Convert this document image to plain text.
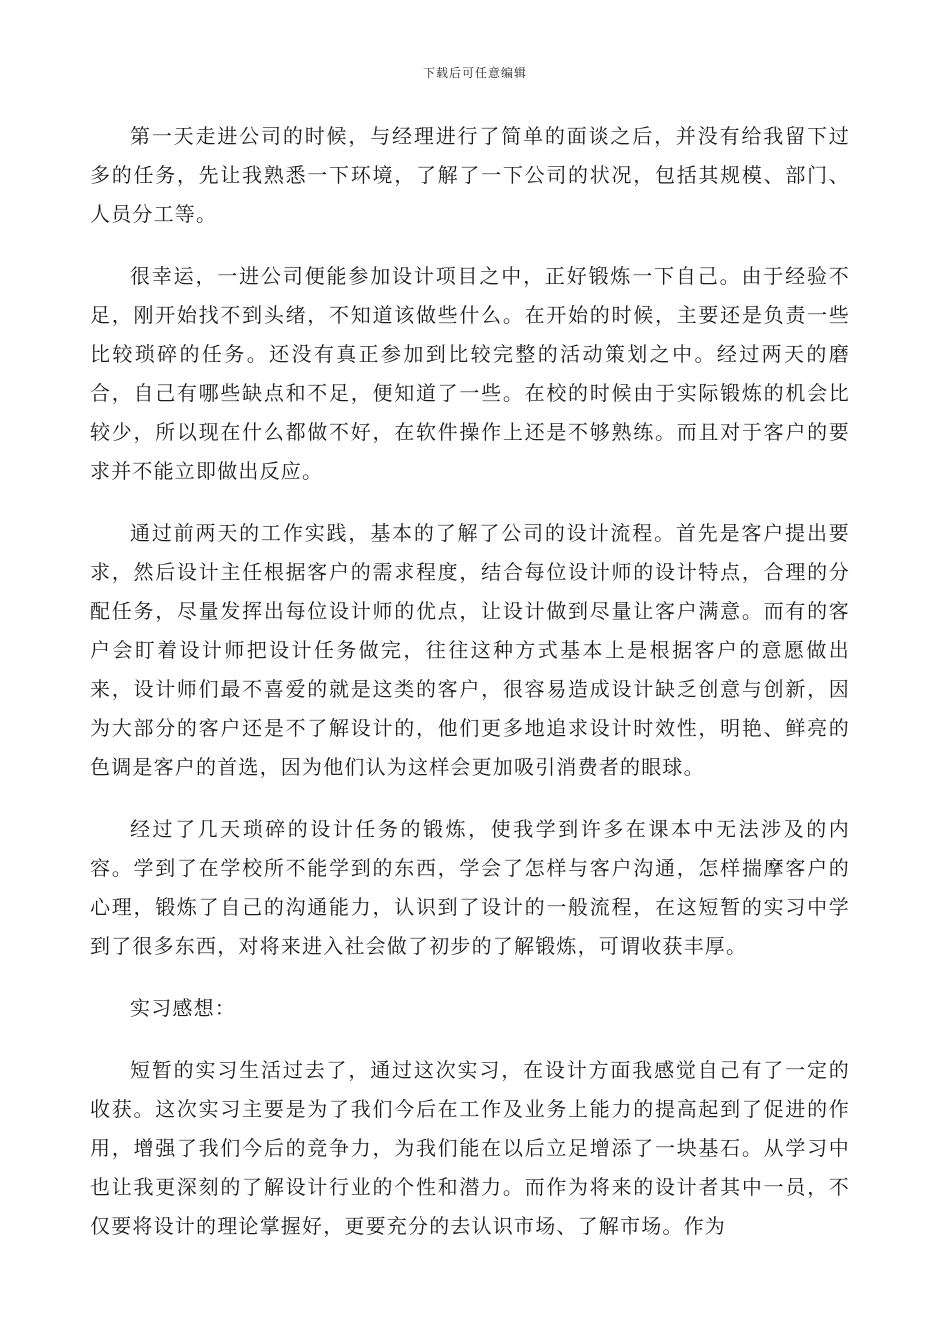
下载后可任意编辑

第一天走进公司的时候，与经理进行了简单的面谈之后，并没有给我留下过多的任务，先让我熟悉一下环境，了解了一下公司的状况，包括其规模、部门、人员分工等。

很幸运，一进公司便能参加设计项目之中，正好锻炼一下自己。由于经验不足，刚开始找不到头绪，不知道该做些什么。在开始的时候，主要还是负责一些比较琐碎的任务。还没有真正参加到比较完整的活动策划之中。经过两天的磨合，自己有哪些缺点和不足，便知道了一些。在校的时候由于实际锻炼的机会比较少，所以现在什么都做不好，在软件操作上还是不够熟练。而且对于客户的要求并不能立即做出反应。

通过前两天的工作实践，基本的了解了公司的设计流程。首先是客户提出要求，然后设计主任根据客户的需求程度，结合每位设计师的设计特点，合理的分配任务，尽量发挥出每位设计师的优点，让设计做到尽量让客户满意。而有的客户会盯着设计师把设计任务做完，往往这种方式基本上是根据客户的意愿做出来，设计师们最不喜爱的就是这类的客户，很容易造成设计缺乏创意与创新，因为大部分的客户还是不了解设计的，他们更多地追求设计时效性，明艳、鲜亮的色调是客户的首选，因为他们认为这样会更加吸引消费者的眼球。

经过了几天琐碎的设计任务的锻炼，使我学到许多在课本中无法涉及的内容。学到了在学校所不能学到的东西，学会了怎样与客户沟通，怎样揣摩客户的心理，锻炼了自己的沟通能力，认识到了设计的一般流程，在这短暂的实习中学到了很多东西，对将来进入社会做了初步的了解锻炼，可谓收获丰厚。

实习感想：

短暂的实习生活过去了，通过这次实习，在设计方面我感觉自己有了一定的收获。这次实习主要是为了我们今后在工作及业务上能力的提高起到了促进的作用，增强了我们今后的竞争力，为我们能在以后立足增添了一块基石。从学习中也让我更深刻的了解设计行业的个性和潜力。而作为将来的设计者其中一员，不仅要将设计的理论掌握好，更要充分的去认识市场、了解市场。作为
